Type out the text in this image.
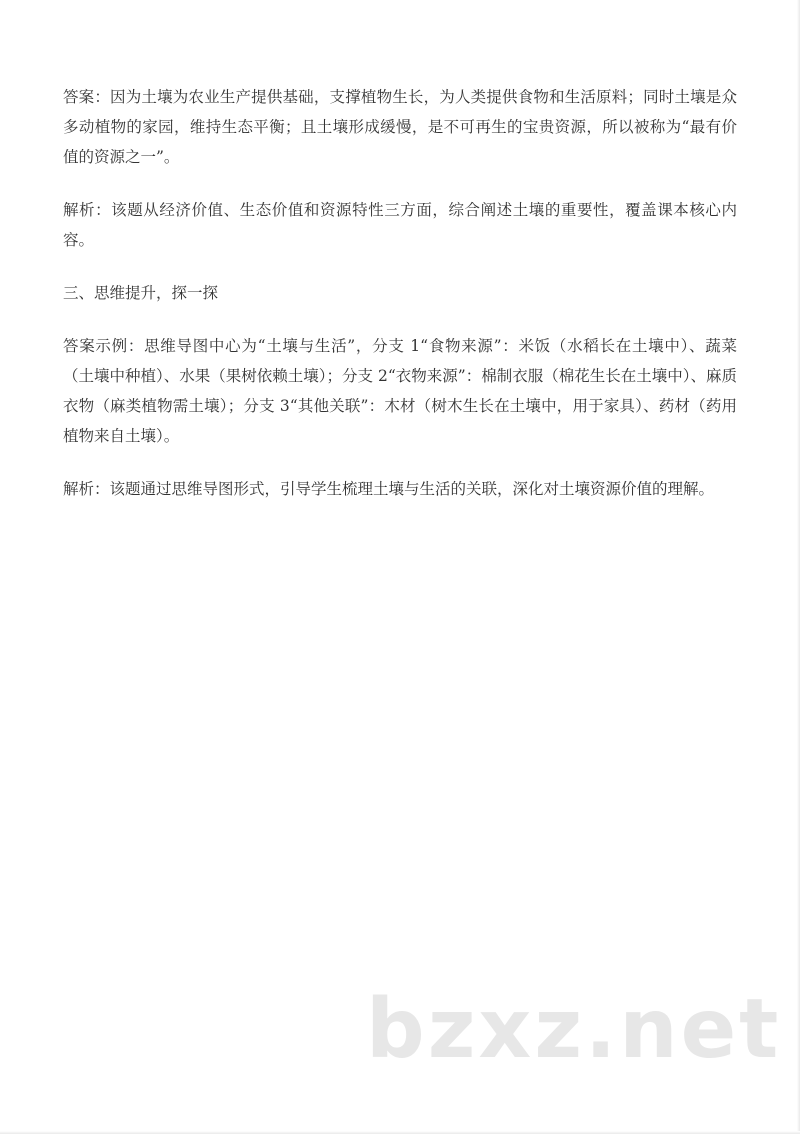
答案：因为土壤为农业生产提供基础，支撑植物生长，为人类提供食物和生活原料；同时土壤是众多动植物的家园，维持生态平衡；且土壤形成缓慢，是不可再生的宝贵资源，所以被称为“最有价值的资源之一”。

解析：该题从经济价值、生态价值和资源特性三方面，综合阐述土壤的重要性，覆盖课本核心内容。

三、思维提升，探一探

答案示例：思维导图中心为“土壤与生活”，分支 1“食物来源”：米饭（水稻长在土壤中）、蔬菜（土壤中种植）、水果（果树依赖土壤）；分支 2“衣物来源”：棉制衣服（棉花生长在土壤中）、麻质衣物（麻类植物需土壤）；分支 3“其他关联”：木材（树木生长在土壤中，用于家具）、药材（药用植物来自土壤）。

解析：该题通过思维导图形式，引导学生梳理土壤与生活的关联，深化对土壤资源价值的理解。

bzxz.net
